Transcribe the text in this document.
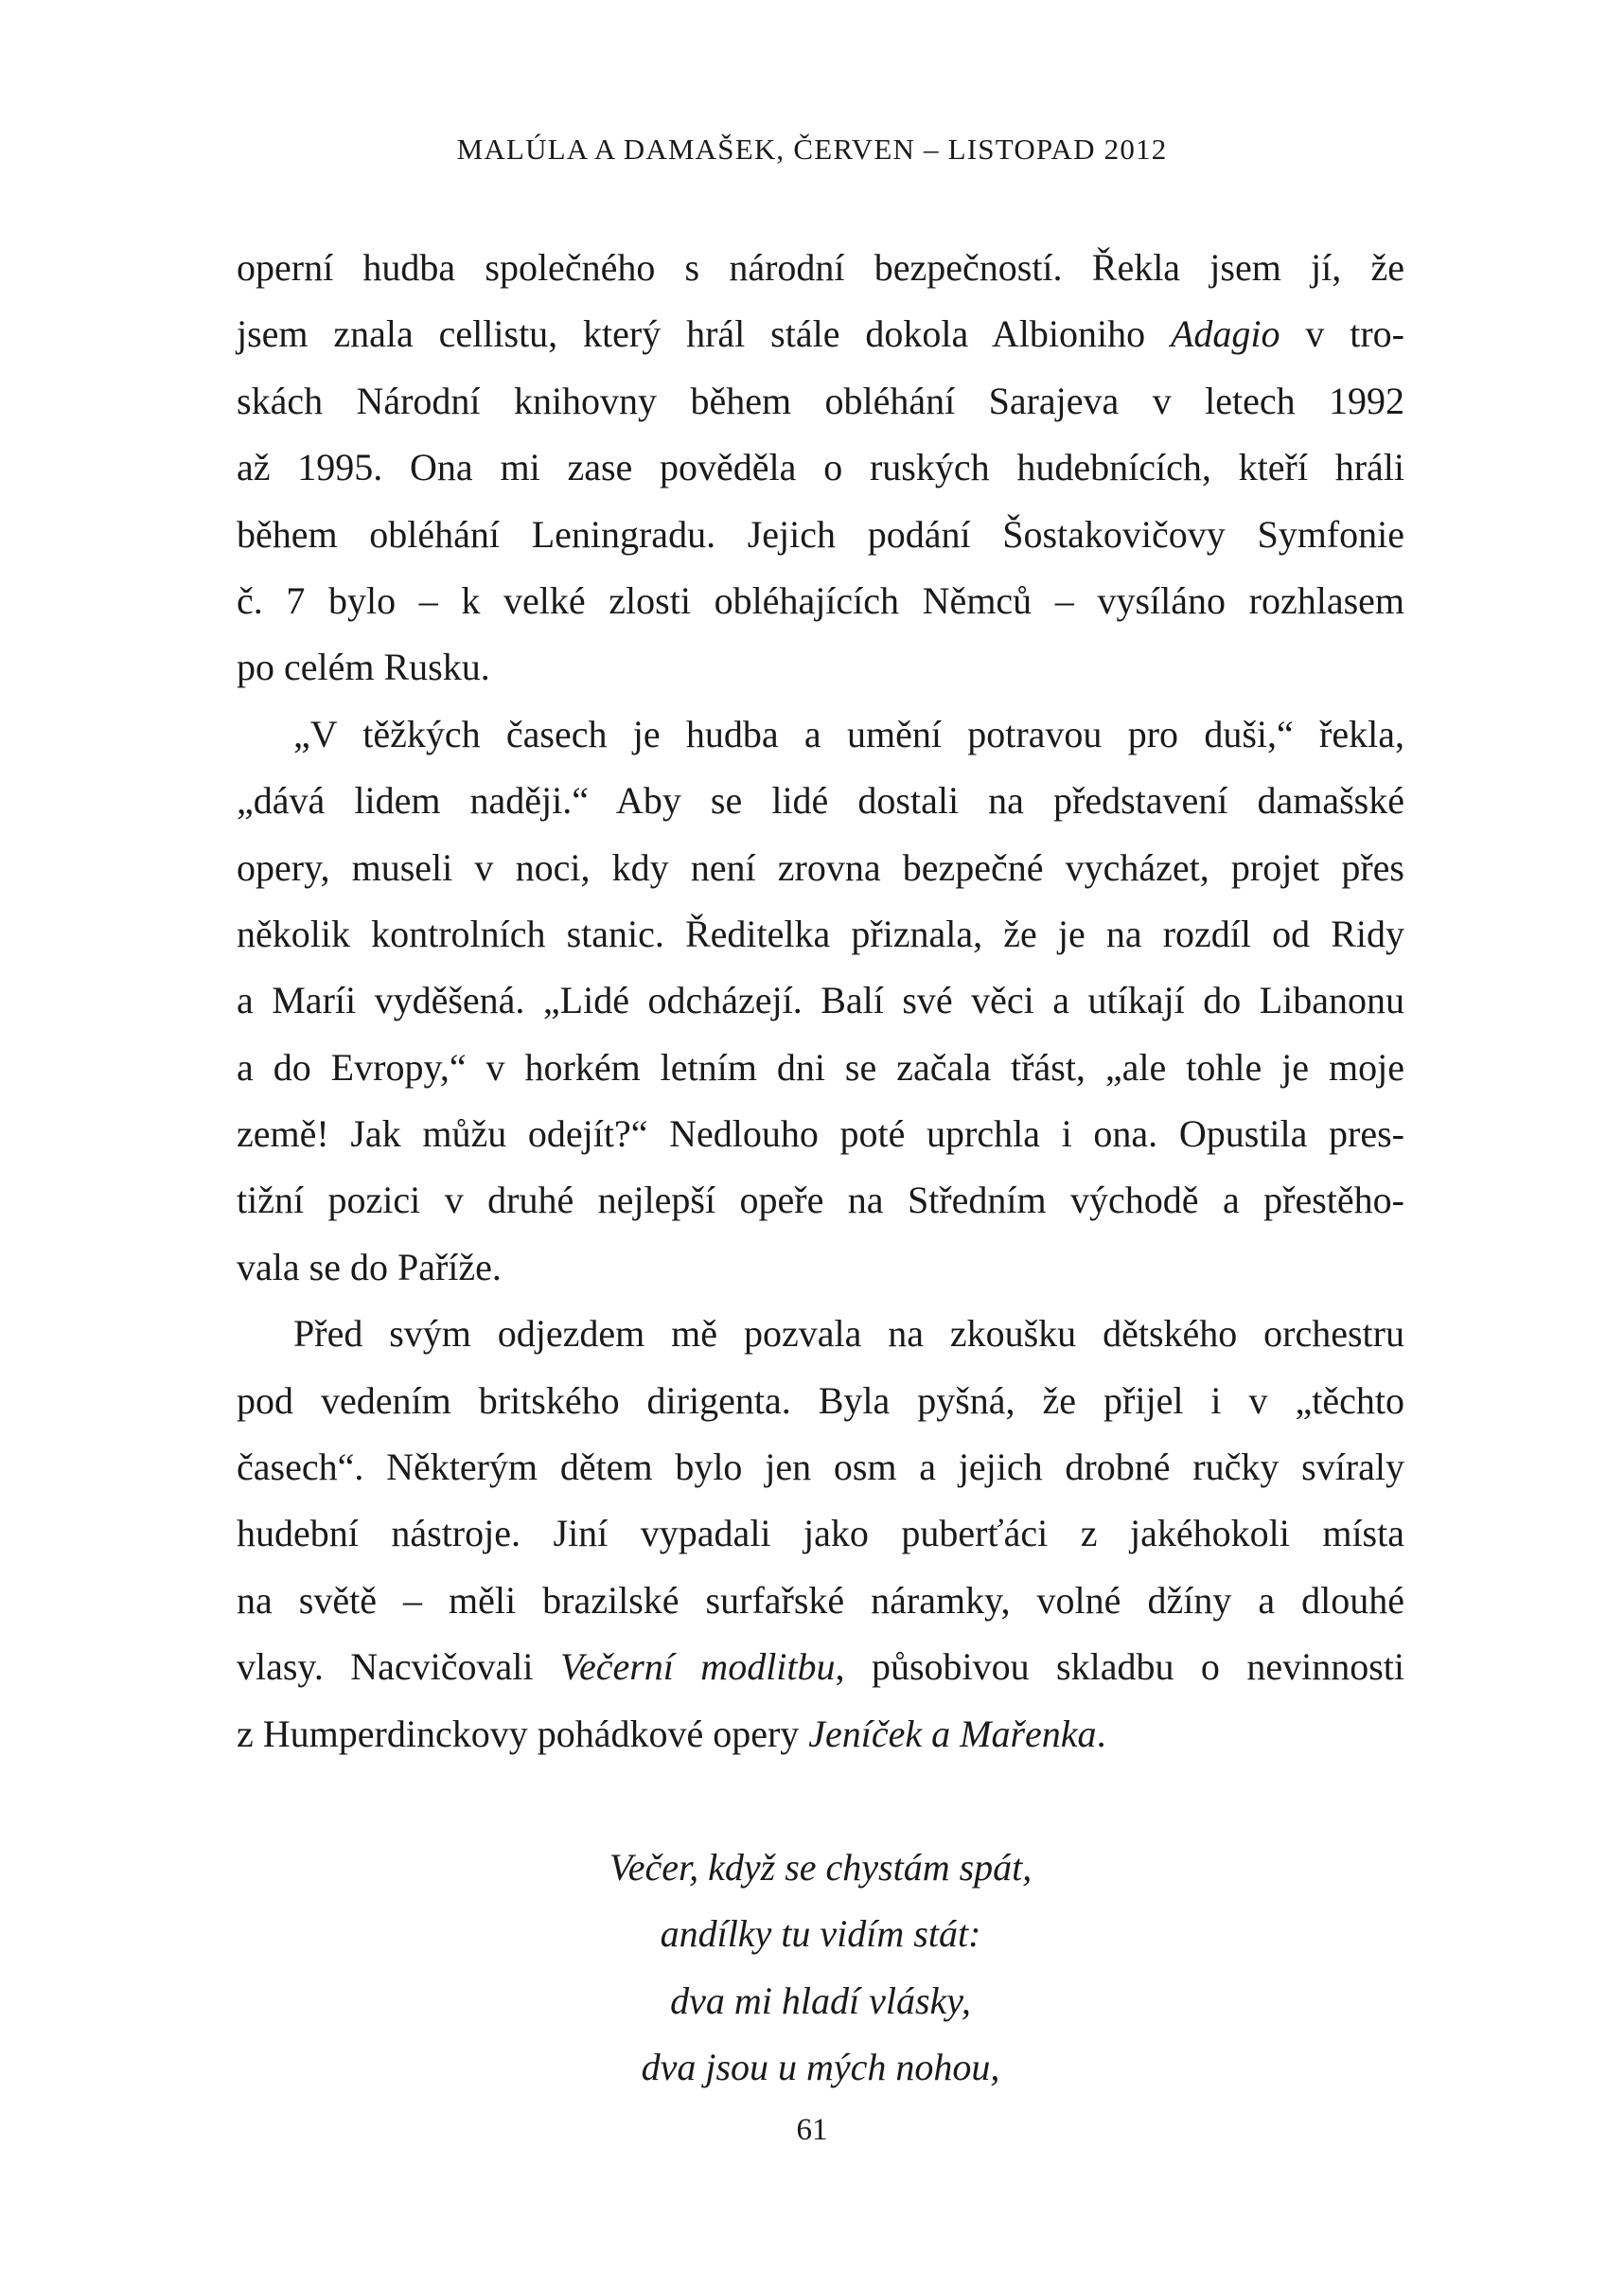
MALÚLA A DAMAŠEK, ČERVEN – LISTOPAD 2012
operní hudba společného s národní bezpečností. Řekla jsem jí, že
jsem znala cellistu, který hrál stále dokola Albioniho Adagio v tro-
skách Národní knihovny během obléhání Sarajeva v letech 1992
až 1995. Ona mi zase pověděla o ruských hudebnících, kteří hráli
během obléhání Leningradu. Jejich podání Šostakovičovy Symfonie
č. 7 bylo – k velké zlosti obléhajících Němců – vysíláno rozhlasem
po celém Rusku.
„V těžkých časech je hudba a umění potravou pro duši,“ řekla,
„dává lidem naději.“ Aby se lidé dostali na představení damašské
opery, museli v noci, kdy není zrovna bezpečné vycházet, projet přes
několik kontrolních stanic. Ředitelka přiznala, že je na rozdíl od Ridy
a Maríi vyděšená. „Lidé odcházejí. Balí své věci a utíkají do Libanonu
a do Evropy,“ v horkém letním dni se začala třást, „ale tohle je moje
země! Jak můžu odejít?“ Nedlouho poté uprchla i ona. Opustila pres-
tižní pozici v druhé nejlepší opeře na Středním východě a přestěho-
vala se do Paříže.
Před svým odjezdem mě pozvala na zkoušku dětského orchestru
pod vedením britského dirigenta. Byla pyšná, že přijel i v „těchto
časech“. Některým dětem bylo jen osm a jejich drobné ručky svíraly
hudební nástroje. Jiní vypadali jako puberťáci z jakéhokoli místa
na světě – měli brazilské surfařské náramky, volné džíny a dlouhé
vlasy. Nacvičovali Večerní modlitbu, působivou skladbu o nevinnosti
z Humperdinckovy pohádkové opery Jeníček a Mařenka.
Večer, když se chystám spát,
andílky tu vidím stát:
dva mi hladí vlásky,
dva jsou u mých nohou,
61
